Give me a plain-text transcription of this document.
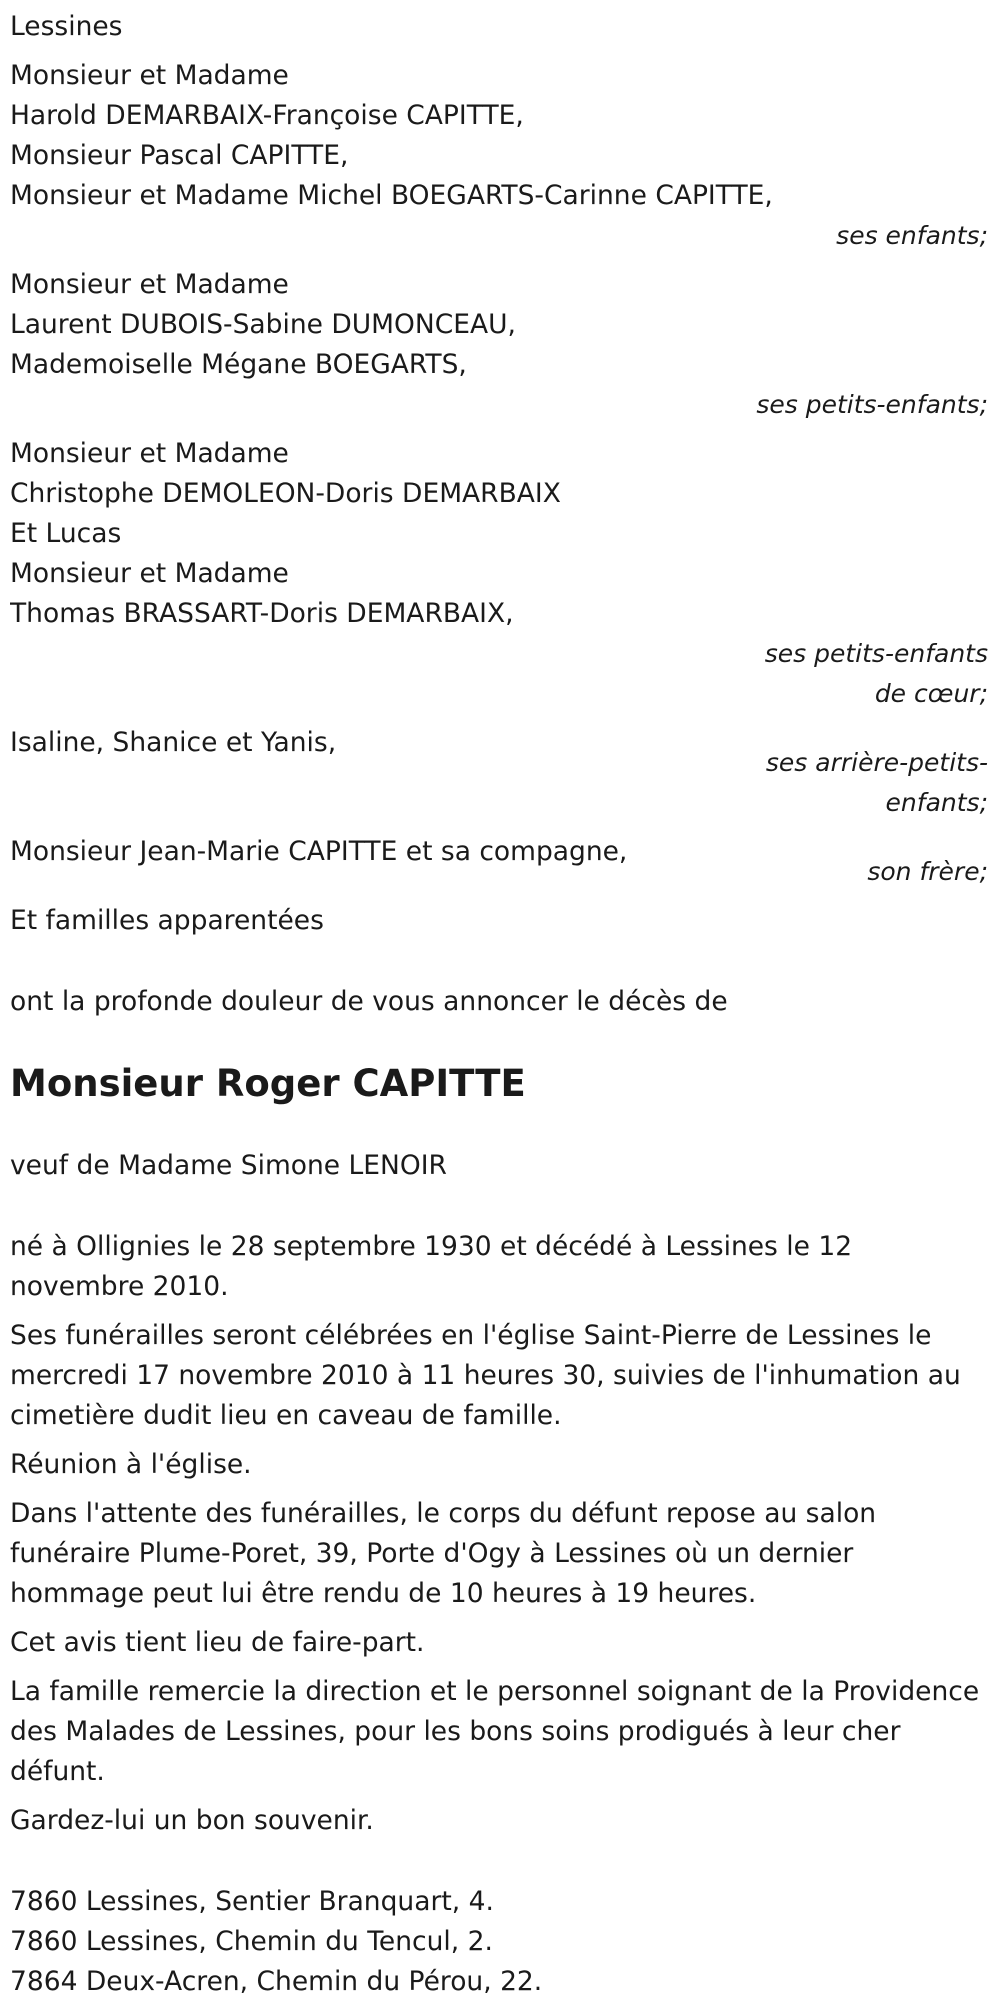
Lessines
Monsieur et Madame
Harold DEMARBAIX-Françoise CAPITTE,
Monsieur Pascal CAPITTE,
Monsieur et Madame Michel BOEGARTS-Carinne CAPITTE,
ses enfants;
Monsieur et Madame
Laurent DUBOIS-Sabine DUMONCEAU,
Mademoiselle Mégane BOEGARTS,
ses petits-enfants;
Monsieur et Madame
Christophe DEMOLEON-Doris DEMARBAIX
Et Lucas
Monsieur et Madame
Thomas BRASSART-Doris DEMARBAIX,
ses petits-enfants
de cœur;
Isaline, Shanice et Yanis,
ses arrière-petits-
enfants;
Monsieur Jean-Marie CAPITTE et sa compagne,
son frère;
Et familles apparentées
ont la profonde douleur de vous annoncer le décès de
Monsieur Roger CAPITTE
veuf de Madame Simone LENOIR
né à Ollignies le 28 septembre 1930 et décédé à Lessines le 12 novembre 2010.
Ses funérailles seront célébrées en l'église Saint-Pierre de Lessines le mercredi 17 novembre 2010 à 11 heures 30, suivies de l'inhumation au cimetière dudit lieu en caveau de famille.
Réunion à l'église.
Dans l'attente des funérailles, le corps du défunt repose au salon funéraire Plume-Poret, 39, Porte d'Ogy à Lessines où un dernier hommage peut lui être rendu de 10 heures à 19 heures.
Cet avis tient lieu de faire-part.
La famille remercie la direction et le personnel soignant de la Providence des Malades de Lessines, pour les bons soins prodigués à leur cher défunt.
Gardez-lui un bon souvenir.
7860 Lessines, Sentier Branquart, 4.
7860 Lessines, Chemin du Tencul, 2.
7864 Deux-Acren, Chemin du Pérou, 22.
